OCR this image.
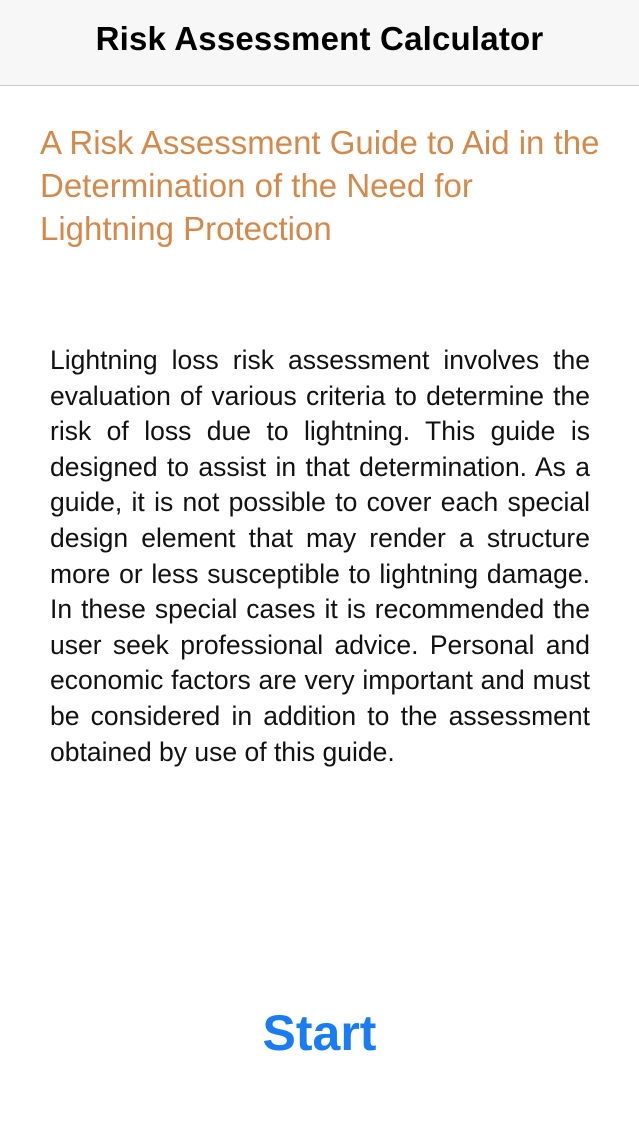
Risk Assessment Calculator
A Risk Assessment Guide to Aid in the Determination of the Need for Lightning Protection
Lightning loss risk assessment involves the evaluation of various criteria to determine the risk of loss due to lightning. This guide is designed to assist in that determination. As a guide, it is not possible to cover each special design element that may render a structure more or less susceptible to lightning damage. In these special cases it is recommended the user seek professional advice. Personal and economic factors are very important and must be considered in addition to the assessment obtained by use of this guide.
Start
